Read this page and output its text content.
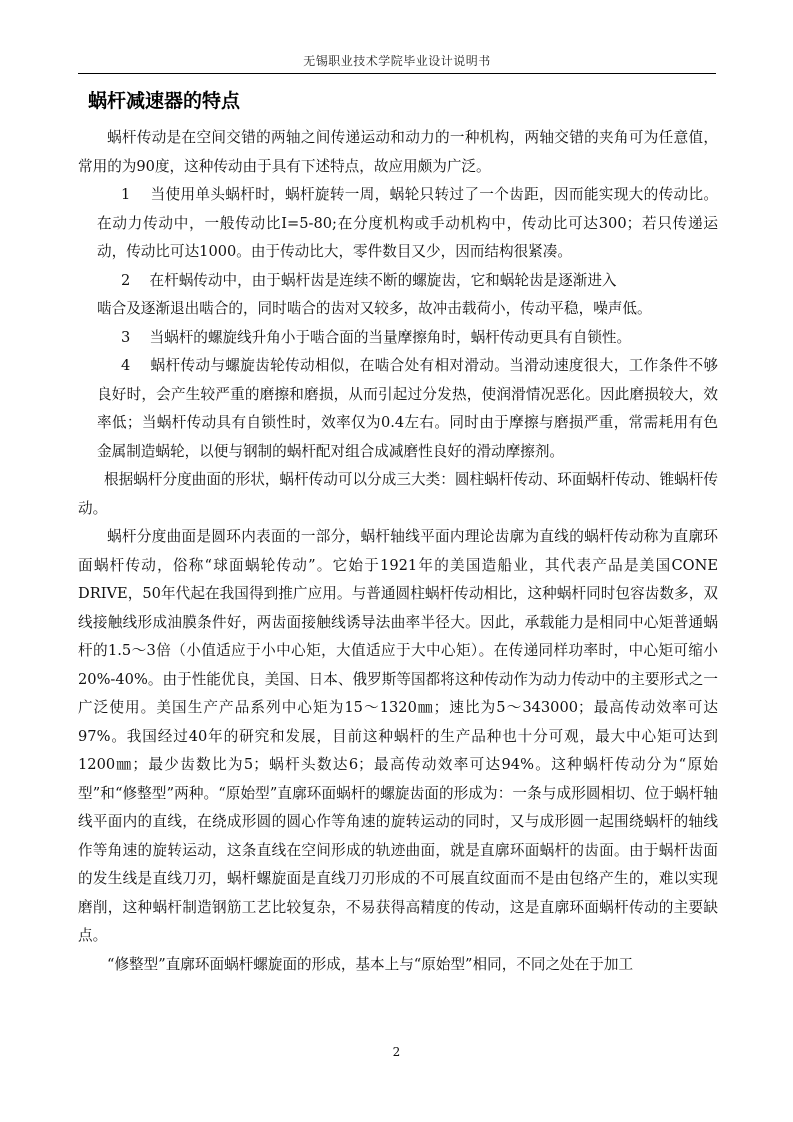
无锡职业技术学院毕业设计说明书
蜗杆减速器的特点

蜗杆传动是在空间交错的两轴之间传递运动和动力的一种机构，两轴交错的夹角可为任意值，常用的为90度，这种传动由于具有下述特点，故应用颇为广泛。

1　 当使用单头蜗杆时，蜗杆旋转一周，蜗轮只转过了一个齿距，因而能实现大的传动比。在动力传动中，一般传动比I=5-80;在分度机构或手动机构中，传动比可达300；若只传递运动，传动比可达1000。由于传动比大，零件数目又少，因而结构很紧凑。

2　 在杆蜗传动中，由于蜗杆齿是连续不断的螺旋齿，它和蜗轮齿是逐渐进入

啮合及逐渐退出啮合的，同时啮合的齿对又较多，故冲击载荷小，传动平稳，噪声低。

3　 当蜗杆的螺旋线升角小于啮合面的当量摩擦角时，蜗杆传动更具有自锁性。

4　 蜗杆传动与螺旋齿轮传动相似，在啮合处有相对滑动。当滑动速度很大，工作条件不够良好时，会产生较严重的磨擦和磨损，从而引起过分发热，使润滑情况恶化。因此磨损较大，效率低；当蜗杆传动具有自锁性时，效率仅为0.4左右。同时由于摩擦与磨损严重，常需耗用有色金属制造蜗轮，以便与钢制的蜗杆配对组合成减磨性良好的滑动摩擦剂。

根据蜗杆分度曲面的形状，蜗杆传动可以分成三大类：圆柱蜗杆传动、环面蜗杆传动、锥蜗杆传动。

蜗杆分度曲面是圆环内表面的一部分，蜗杆轴线平面内理论齿廓为直线的蜗杆传动称为直廓环面蜗杆传动，俗称“球面蜗轮传动”。它始于1921年的美国造船业，其代表产品是美国CONE DRIVE，50年代起在我国得到推广应用。与普通圆柱蜗杆传动相比，这种蜗杆同时包容齿数多，双线接触线形成油膜条件好，两齿面接触线诱导法曲率半径大。因此，承载能力是相同中心矩普通蜗杆的1.5～3倍（小值适应于小中心矩，大值适应于大中心矩）。在传递同样功率时，中心矩可缩小20%-40%。由于性能优良，美国、日本、俄罗斯等国都将这种传动作为动力传动中的主要形式之一广泛使用。美国生产产品系列中心矩为15～1320㎜；速比为5～343000；最高传动效率可达97%。我国经过40年的研究和发展，目前这种蜗杆的生产品种也十分可观，最大中心矩可达到1200㎜；最少齿数比为5；蜗杆头数达6；最高传动效率可达94%。这种蜗杆传动分为“原始型”和“修整型”两种。“原始型”直廓环面蜗杆的螺旋齿面的形成为：一条与成形圆相切、位于蜗杆轴线平面内的直线，在绕成形圆的圆心作等角速的旋转运动的同时，又与成形圆一起围绕蜗杆的轴线作等角速的旋转运动，这条直线在空间形成的轨迹曲面，就是直廓环面蜗杆的齿面。由于蜗杆齿面的发生线是直线刀刃，蜗杆螺旋面是直线刀刃形成的不可展直纹面而不是由包络产生的，难以实现磨削，这种蜗杆制造钢筋工艺比较复杂，不易获得高精度的传动，这是直廓环面蜗杆传动的主要缺点。

“修整型”直廓环面蜗杆螺旋面的形成，基本上与“原始型”相同，不同之处在于加工

2
